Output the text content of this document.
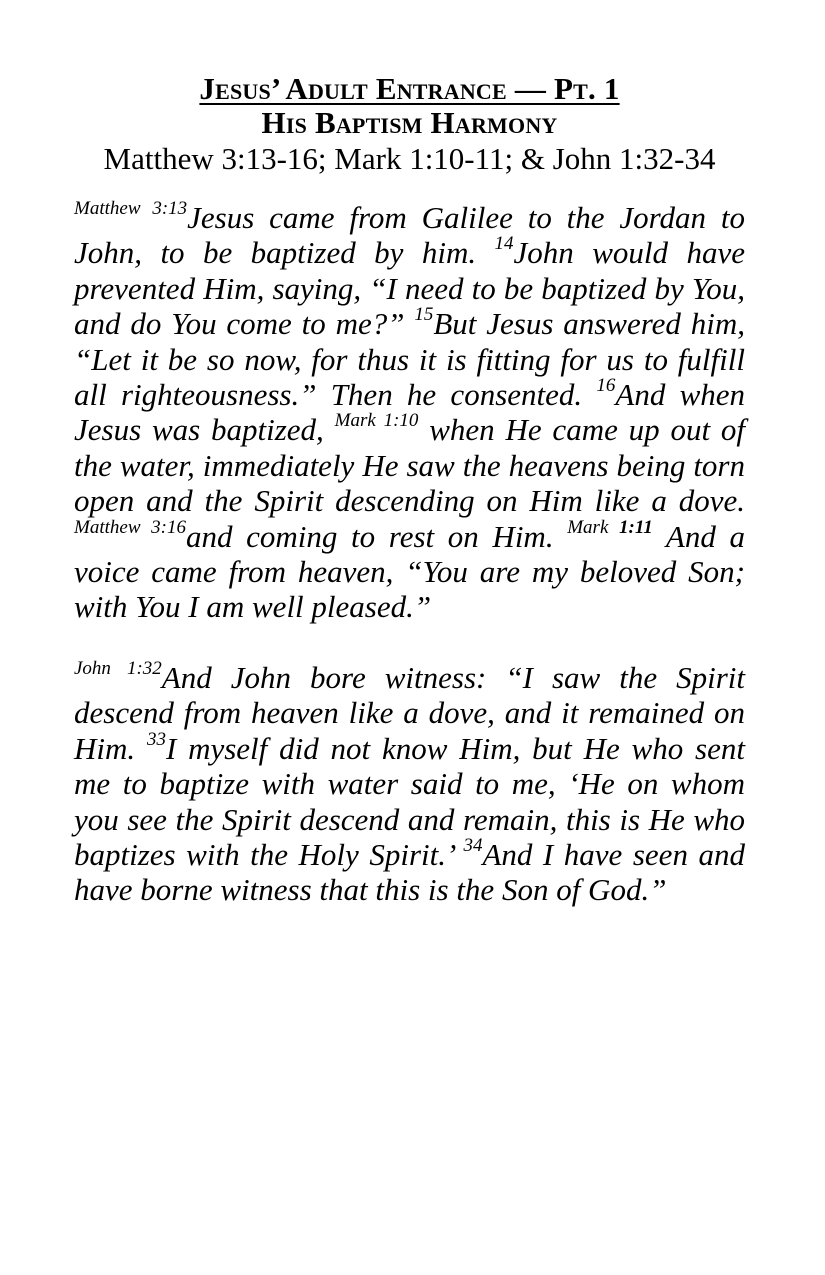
Jesus’ Adult Entrance — Pt. 1
His Baptism Harmony
Matthew 3:13-16; Mark 1:10-11; & John 1:32-34

$^{Matthew 3:13}$Jesus came from Galilee to the Jordan to John, to be baptized by him. $^{14}$John would have prevented Him, saying, “I need to be baptized by You, and do You come to me?” $^{15}$But Jesus answered him, “Let it be so now, for thus it is fitting for us to fulfill all righteousness.” Then he consented. $^{16}$And when Jesus was baptized, $^{Mark 1:10}$ when He came up out of the water, immediately He saw the heavens being torn open and the Spirit descending on Him like a dove. $^{Matthew 3:16}$and coming to rest on Him. $^{Mark}$ $^{1:11}$ And a voice came from heaven, “You are my beloved Son; with You I am well pleased.”

$^{John 1:32}$And John bore witness: “I saw the Spirit descend from heaven like a dove, and it remained on Him. $^{33}$I myself did not know Him, but He who sent me to baptize with water said to me, ‘He on whom you see the Spirit descend and remain, this is He who baptizes with the Holy Spirit.’ $^{34}$And I have seen and have borne witness that this is the Son of God.”
